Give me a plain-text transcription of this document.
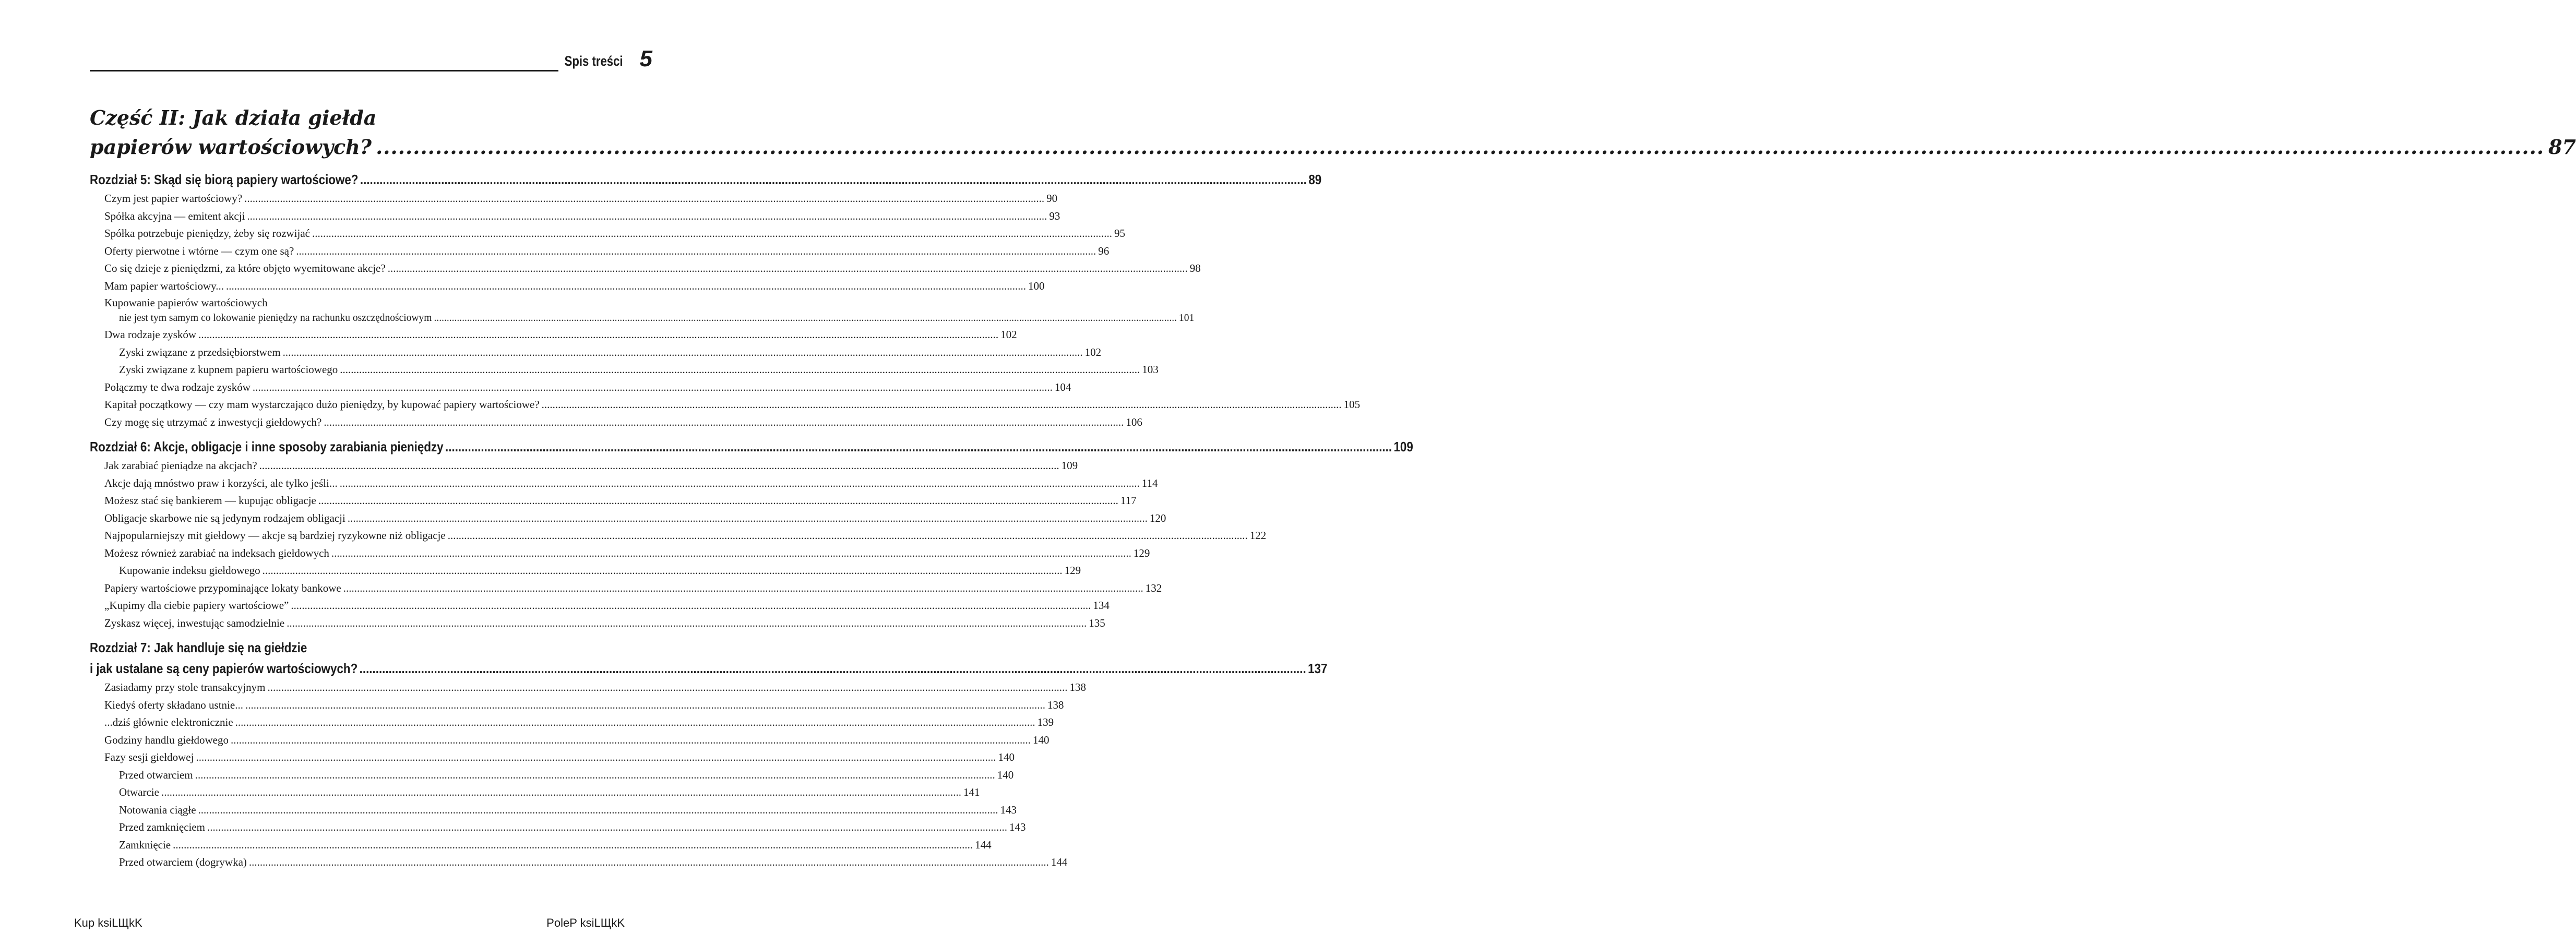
Spis treści 5
Część II: Jak działa giełda
papierów wartościowych? .................................................................................................................................................................................................................................................................................................... 87
Rozdział 5: Skąd się biorą papiery wartościowe? .................................................................................................................................................................................................................................................................................................... 89
Czym jest papier wartościowy? .................................................................................................................................................................................................................................................................................................... 90
Spółka akcyjna — emitent akcji .................................................................................................................................................................................................................................................................................................... 93
Spółka potrzebuje pieniędzy, żeby się rozwijać .................................................................................................................................................................................................................................................................................................... 95
Oferty pierwotne i wtórne — czym one są? .................................................................................................................................................................................................................................................................................................... 96
Co się dzieje z pieniędzmi, za które objęto wyemitowane akcje? .................................................................................................................................................................................................................................................................................................... 98
Mam papier wartościowy... .................................................................................................................................................................................................................................................................................................... 100
Kupowanie papierów wartościowych
nie jest tym samym co lokowanie pieniędzy na rachunku oszczędnościowym .................................................................................................................................................................................................................................................................................................... 101
Dwa rodzaje zysków .................................................................................................................................................................................................................................................................................................... 102
Zyski związane z przedsiębiorstwem .................................................................................................................................................................................................................................................................................................... 102
Zyski związane z kupnem papieru wartościowego .................................................................................................................................................................................................................................................................................................... 103
Połączmy te dwa rodzaje zysków .................................................................................................................................................................................................................................................................................................... 104
Kapitał początkowy — czy mam wystarczająco dużo pieniędzy, by kupować papiery wartościowe? .................................................................................................................................................................................................................................................................................................... 105
Czy mogę się utrzymać z inwestycji giełdowych? .................................................................................................................................................................................................................................................................................................... 106
Rozdział 6: Akcje, obligacje i inne sposoby zarabiania pieniędzy .................................................................................................................................................................................................................................................................................................... 109
Jak zarabiać pieniądze na akcjach? .................................................................................................................................................................................................................................................................................................... 109
Akcje dają mnóstwo praw i korzyści, ale tylko jeśli... .................................................................................................................................................................................................................................................................................................... 114
Możesz stać się bankierem — kupując obligacje .................................................................................................................................................................................................................................................................................................... 117
Obligacje skarbowe nie są jedynym rodzajem obligacji .................................................................................................................................................................................................................................................................................................... 120
Najpopularniejszy mit giełdowy — akcje są bardziej ryzykowne niż obligacje .................................................................................................................................................................................................................................................................................................... 122
Możesz również zarabiać na indeksach giełdowych .................................................................................................................................................................................................................................................................................................... 129
Kupowanie indeksu giełdowego .................................................................................................................................................................................................................................................................................................... 129
Papiery wartościowe przypominające lokaty bankowe .................................................................................................................................................................................................................................................................................................... 132
„Kupimy dla ciebie papiery wartościowe” .................................................................................................................................................................................................................................................................................................... 134
Zyskasz więcej, inwestując samodzielnie .................................................................................................................................................................................................................................................................................................... 135
Rozdział 7: Jak handluje się na giełdzie
i jak ustalane są ceny papierów wartościowych? .................................................................................................................................................................................................................................................................................................... 137
Zasiadamy przy stole transakcyjnym .................................................................................................................................................................................................................................................................................................... 138
Kiedyś oferty składano ustnie... .................................................................................................................................................................................................................................................................................................... 138
...dziś głównie elektronicznie .................................................................................................................................................................................................................................................................................................... 139
Godziny handlu giełdowego .................................................................................................................................................................................................................................................................................................... 140
Fazy sesji giełdowej .................................................................................................................................................................................................................................................................................................... 140
Przed otwarciem .................................................................................................................................................................................................................................................................................................... 140
Otwarcie .................................................................................................................................................................................................................................................................................................... 141
Notowania ciągłe .................................................................................................................................................................................................................................................................................................... 143
Przed zamknięciem .................................................................................................................................................................................................................................................................................................... 143
Zamknięcie .................................................................................................................................................................................................................................................................................................... 144
Przed otwarciem (dogrywka) .................................................................................................................................................................................................................................................................................................... 144
Kup ksiLЩkK	PoleP ksiLЩkK
